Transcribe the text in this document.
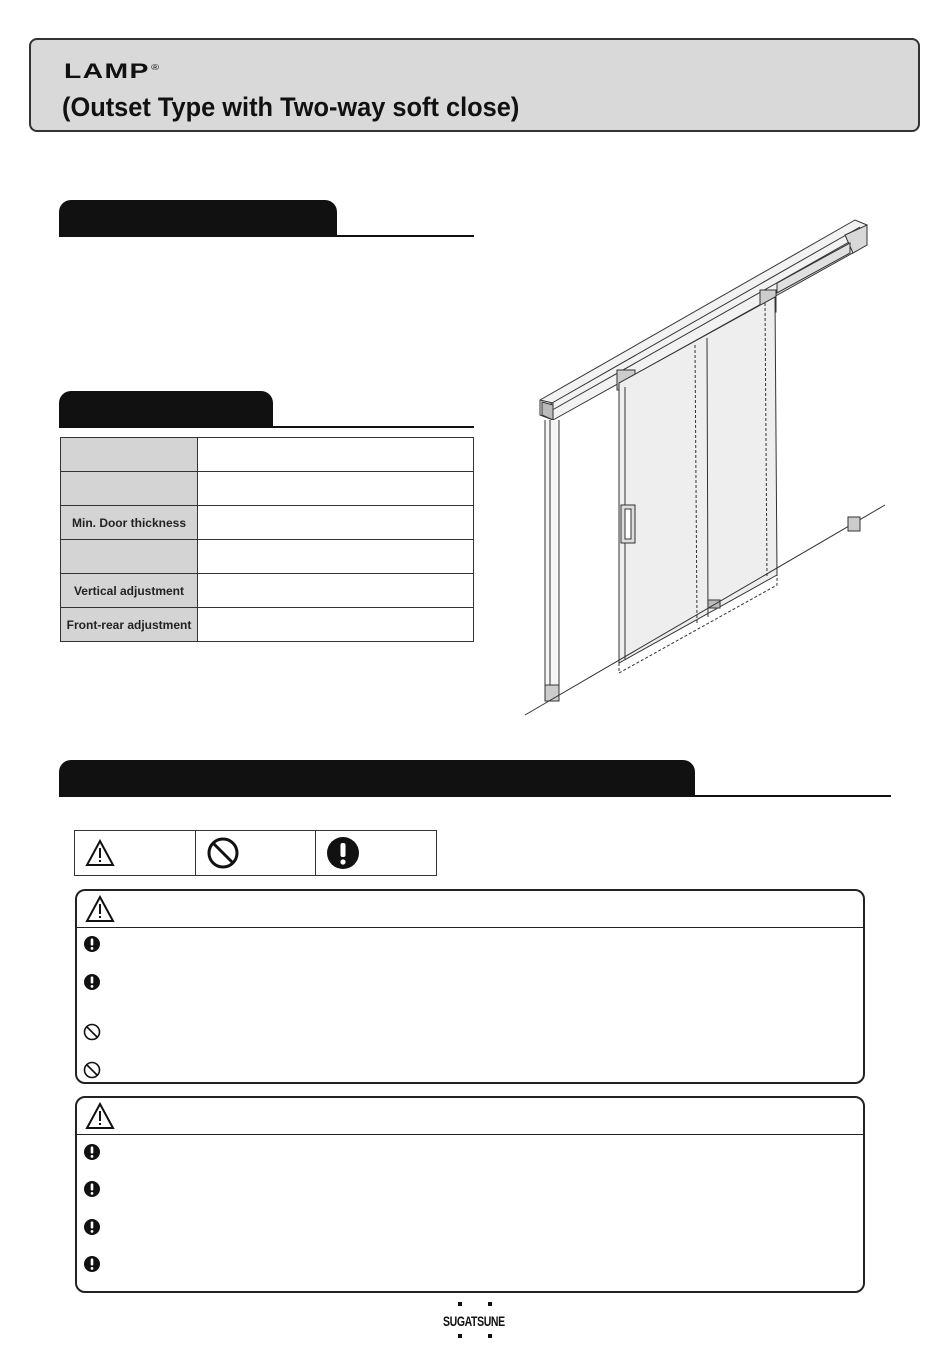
LAMP®
(Outset Type with Two-way soft close)

Min. Door thickness	

Vertical adjustment	
Front-rear adjustment	
SUGATSUNE
